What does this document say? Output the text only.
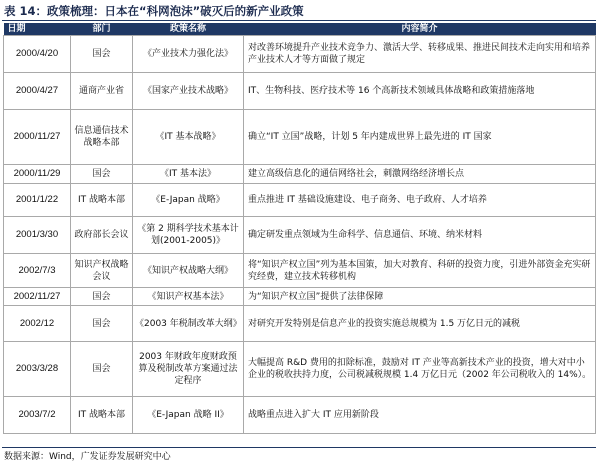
表 14：政策梳理：日本在“科网泡沫”破灭后的新产业政策
日期	部门	政策名称	内容简介
2000/4/20	国会	《产业技术力强化法》	对改善环境提升产业技术竞争力、激活大学、转移成果、推进民间技术走向实用和培养产业技术人才等方面做了规定
2000/4/27	通商产业省	《国家产业技术战略》	IT、生物科技、医疗技术等 16 个高新技术领域具体战略和政策措施落地
2000/11/27	信息通信技术战略本部	《IT 基本战略》	确立“IT 立国”战略，计划 5 年内建成世界上最先进的 IT 国家
2000/11/29	国会	《IT 基本法》	建立高级信息化的通信网络社会，刺激网络经济增长点
2001/1/22	IT 战略本部	《E-Japan 战略》	重点推进 IT 基础设施建设、电子商务、电子政府、人才培养
2001/3/30	政府部长会议	《第 2 期科学技术基本计划(2001-2005)》	确定研发重点领域为生命科学、信息通信、环境、纳米材料
2002/7/3	知识产权战略会议	《知识产权战略大纲》	将“知识产权立国”列为基本国策，加大对教育、科研的投资力度，引进外部资金充实研究经费，建立技术转移机构
2002/11/27	国会	《知识产权基本法》	为“知识产权立国”提供了法律保障
2002/12	国会	《2003 年税制改革大纲》	对研究开发特别是信息产业的投资实施总规模为 1.5 万亿日元的减税
2003/3/28	国会	2003 年财政年度财政预算及税制改革方案通过法定程序	大幅提高 R&D 费用的扣除标准，鼓励对 IT 产业等高新技术产业的投资，增大对中小企业的税收扶持力度，公司税减税规模 1.4 万亿日元（2002 年公司税收入的 14%）。
2003/7/2	IT 战略本部	《E-Japan 战略 II》	战略重点进入扩大 IT 应用新阶段
数据来源：Wind，广发证券发展研究中心
